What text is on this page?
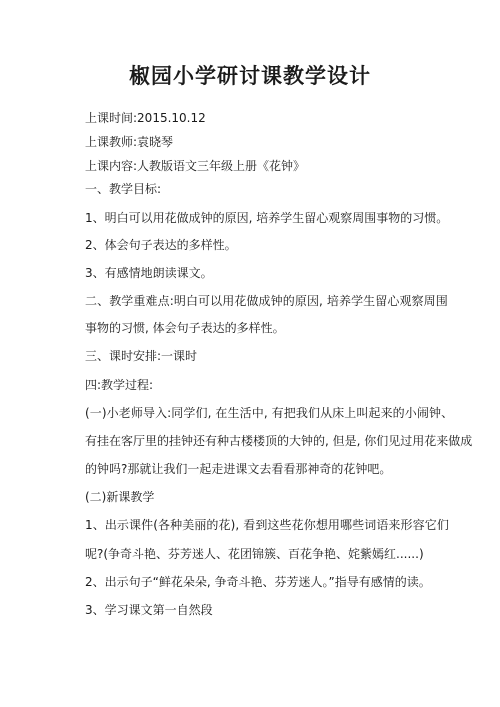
椒园小学研讨课教学设计
上课时间:2015.10.12
上课教师:袁晓琴
上课内容:人教版语文三年级上册《花钟》
一、教学目标:
1、明白可以用花做成钟的原因, 培养学生留心观察周围事物的习惯。
2、体会句子表达的多样性。
3、有感情地朗读课文。
二、教学重难点:明白可以用花做成钟的原因, 培养学生留心观察周围
事物的习惯, 体会句子表达的多样性。
三、课时安排:一课时
四:教学过程:
(一)小老师导入:同学们, 在生活中, 有把我们从床上叫起来的小闹钟、
有挂在客厅里的挂钟还有种古楼楼顶的大钟的, 但是, 你们见过用花来做成
的钟吗?那就让我们一起走进课文去看看那神奇的花钟吧。
(二)新课教学
1、出示课件(各种美丽的花), 看到这些花你想用哪些词语来形容它们
呢?(争奇斗艳、芬芳迷人、花团锦簇、百花争艳、姹紫嫣红......)
2、出示句子“鲜花朵朵, 争奇斗艳、芬芳迷人。”指导有感情的读。
3、学习课文第一自然段
